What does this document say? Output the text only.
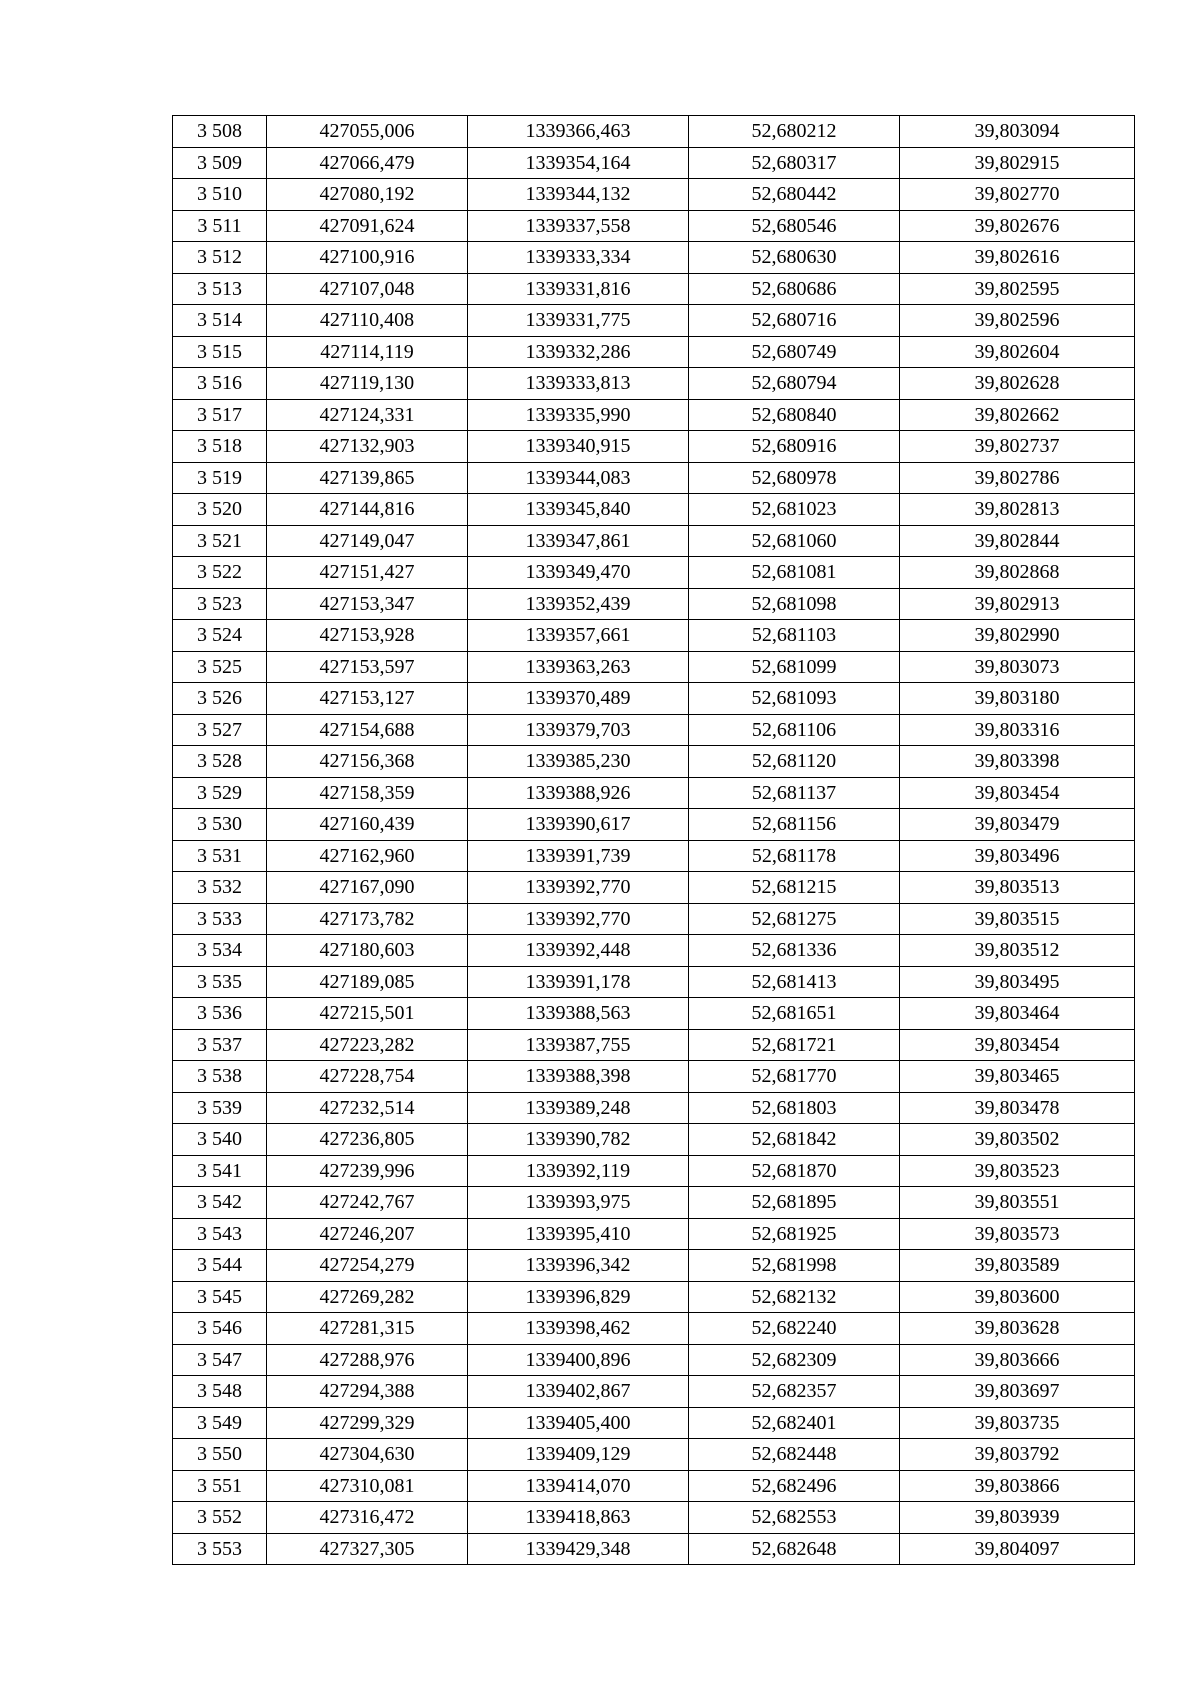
3 508	427055,006	1339366,463	52,680212	39,803094
3 509	427066,479	1339354,164	52,680317	39,802915
3 510	427080,192	1339344,132	52,680442	39,802770
3 511	427091,624	1339337,558	52,680546	39,802676
3 512	427100,916	1339333,334	52,680630	39,802616
3 513	427107,048	1339331,816	52,680686	39,802595
3 514	427110,408	1339331,775	52,680716	39,802596
3 515	427114,119	1339332,286	52,680749	39,802604
3 516	427119,130	1339333,813	52,680794	39,802628
3 517	427124,331	1339335,990	52,680840	39,802662
3 518	427132,903	1339340,915	52,680916	39,802737
3 519	427139,865	1339344,083	52,680978	39,802786
3 520	427144,816	1339345,840	52,681023	39,802813
3 521	427149,047	1339347,861	52,681060	39,802844
3 522	427151,427	1339349,470	52,681081	39,802868
3 523	427153,347	1339352,439	52,681098	39,802913
3 524	427153,928	1339357,661	52,681103	39,802990
3 525	427153,597	1339363,263	52,681099	39,803073
3 526	427153,127	1339370,489	52,681093	39,803180
3 527	427154,688	1339379,703	52,681106	39,803316
3 528	427156,368	1339385,230	52,681120	39,803398
3 529	427158,359	1339388,926	52,681137	39,803454
3 530	427160,439	1339390,617	52,681156	39,803479
3 531	427162,960	1339391,739	52,681178	39,803496
3 532	427167,090	1339392,770	52,681215	39,803513
3 533	427173,782	1339392,770	52,681275	39,803515
3 534	427180,603	1339392,448	52,681336	39,803512
3 535	427189,085	1339391,178	52,681413	39,803495
3 536	427215,501	1339388,563	52,681651	39,803464
3 537	427223,282	1339387,755	52,681721	39,803454
3 538	427228,754	1339388,398	52,681770	39,803465
3 539	427232,514	1339389,248	52,681803	39,803478
3 540	427236,805	1339390,782	52,681842	39,803502
3 541	427239,996	1339392,119	52,681870	39,803523
3 542	427242,767	1339393,975	52,681895	39,803551
3 543	427246,207	1339395,410	52,681925	39,803573
3 544	427254,279	1339396,342	52,681998	39,803589
3 545	427269,282	1339396,829	52,682132	39,803600
3 546	427281,315	1339398,462	52,682240	39,803628
3 547	427288,976	1339400,896	52,682309	39,803666
3 548	427294,388	1339402,867	52,682357	39,803697
3 549	427299,329	1339405,400	52,682401	39,803735
3 550	427304,630	1339409,129	52,682448	39,803792
3 551	427310,081	1339414,070	52,682496	39,803866
3 552	427316,472	1339418,863	52,682553	39,803939
3 553	427327,305	1339429,348	52,682648	39,804097
